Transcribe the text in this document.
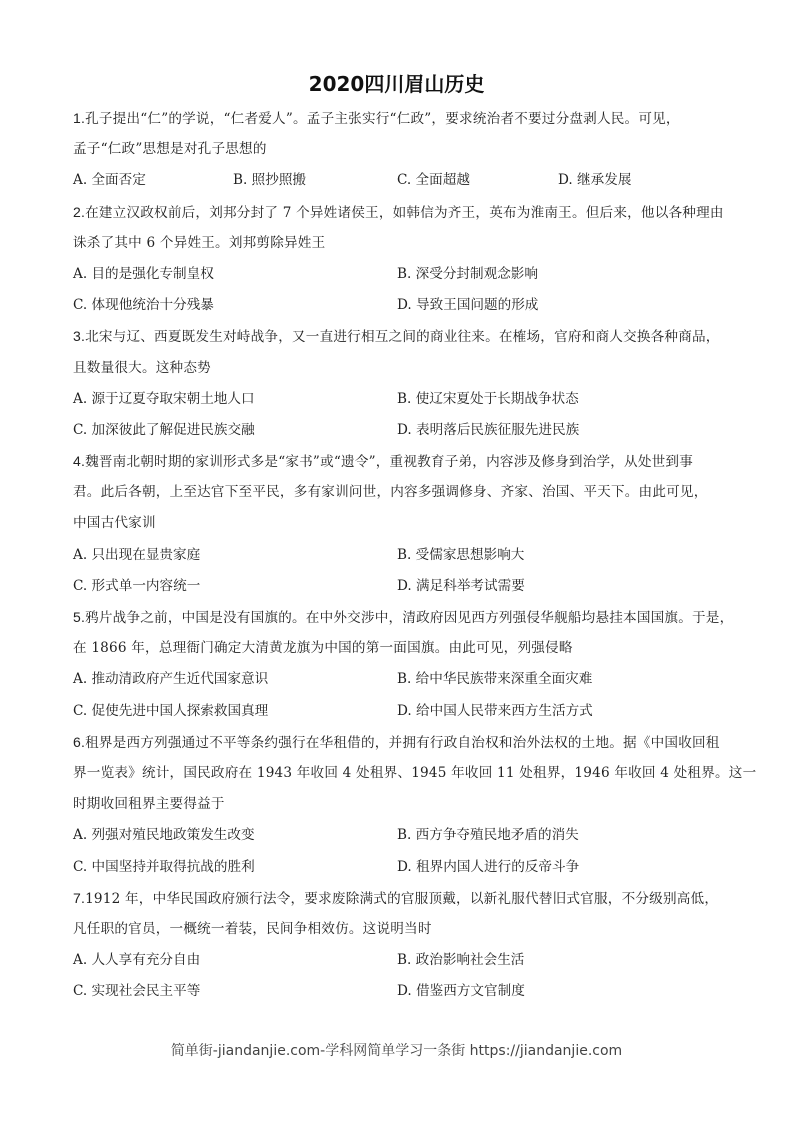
2020四川眉山历史
1.孔子提出“仁”的学说，“仁者爱人”。孟子主张实行“仁政”，要求统治者不要过分盘剥人民。可见，
孟子“仁政”思想是对孔子思想的
A. 全面否定	B. 照抄照搬	C. 全面超越	D. 继承发展
2.在建立汉政权前后，刘邦分封了 7 个异姓诸侯王，如韩信为齐王，英布为淮南王。但后来，他以各种理由
诛杀了其中 6 个异姓王。刘邦剪除异姓王
A. 目的是强化专制皇权	B. 深受分封制观念影响
C. 体现他统治十分残暴	D. 导致王国问题的形成
3.北宋与辽、西夏既发生对峙战争，又一直进行相互之间的商业往来。在榷场，官府和商人交换各种商品，
且数量很大。这种态势
A. 源于辽夏夺取宋朝土地人口	B. 使辽宋夏处于长期战争状态
C. 加深彼此了解促进民族交融	D. 表明落后民族征服先进民族
4.魏晋南北朝时期的家训形式多是“家书”或“遗令”，重视教育子弟，内容涉及修身到治学，从处世到事
君。此后各朝，上至达官下至平民，多有家训问世，内容多强调修身、齐家、治国、平天下。由此可见，
中国古代家训
A. 只出现在显贵家庭	B. 受儒家思想影响大
C. 形式单一内容统一	D. 满足科举考试需要
5.鸦片战争之前，中国是没有国旗的。在中外交涉中，清政府因见西方列强侵华舰船均悬挂本国国旗。于是，
在 1866 年，总理衙门确定大清黄龙旗为中国的第一面国旗。由此可见，列强侵略
A. 推动清政府产生近代国家意识	B. 给中华民族带来深重全面灾难
C. 促使先进中国人探索救国真理	D. 给中国人民带来西方生活方式
6.租界是西方列强通过不平等条约强行在华租借的，并拥有行政自治权和治外法权的土地。据《中国收回租
界一览表》统计，国民政府在 1943 年收回 4 处租界、1945 年收回 11 处租界，1946 年收回 4 处租界。这一
时期收回租界主要得益于
A. 列强对殖民地政策发生改变	B. 西方争夺殖民地矛盾的消失
C. 中国坚持并取得抗战的胜利	D. 租界内国人进行的反帝斗争
7.1912 年，中华民国政府颁行法令，要求废除满式的官服顶戴，以新礼服代替旧式官服，不分级别高低，
凡任职的官员，一概统一着装，民间争相效仿。这说明当时
A. 人人享有充分自由	B. 政治影响社会生活
C. 实现社会民主平等	D. 借鉴西方文官制度
简单街-jiandanjie.com-学科网简单学习一条街 https://jiandanjie.com
